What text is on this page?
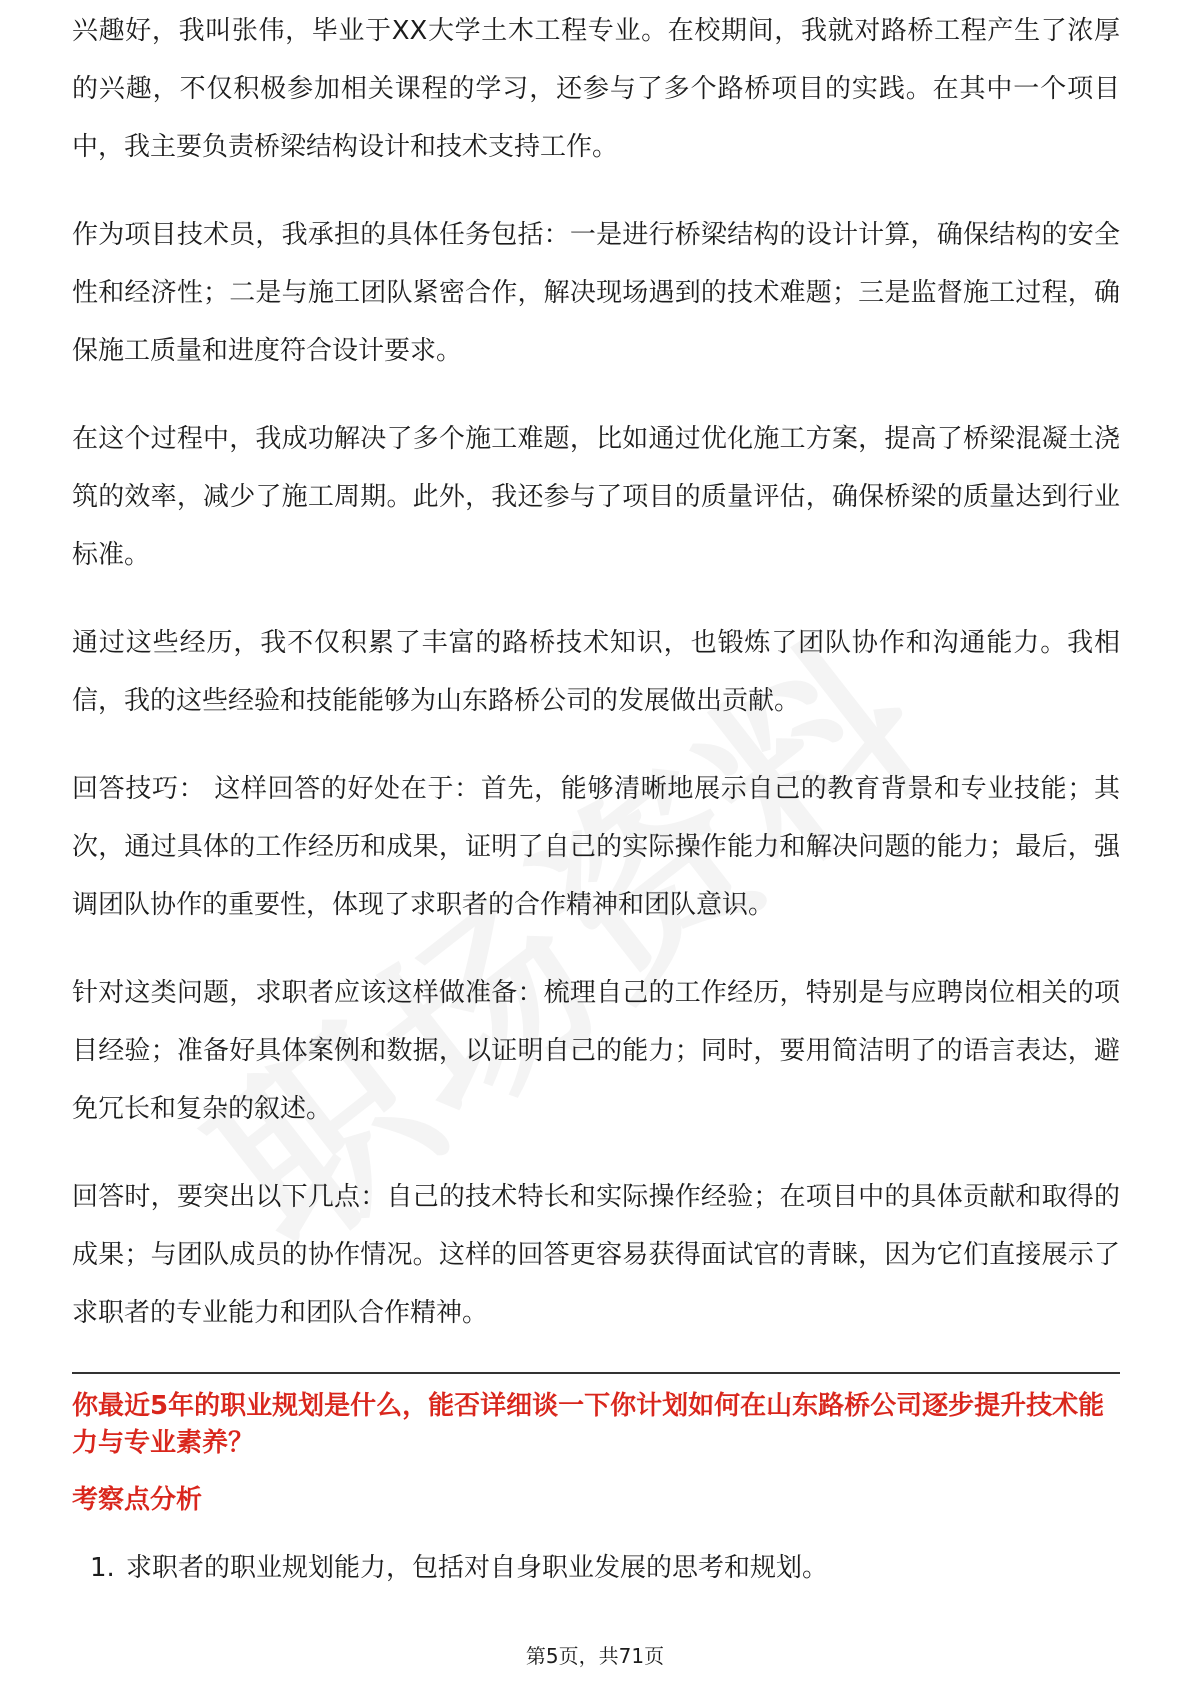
兴趣好，我叫张伟，毕业于XX大学土木工程专业。在校期间，我就对路桥工程产生了浓厚的兴趣，不仅积极参加相关课程的学习，还参与了多个路桥项目的实践。在其中一个项目中，我主要负责桥梁结构设计和技术支持工作。

作为项目技术员，我承担的具体任务包括：一是进行桥梁结构的设计计算，确保结构的安全性和经济性；二是与施工团队紧密合作，解决现场遇到的技术难题；三是监督施工过程，确保施工质量和进度符合设计要求。

在这个过程中，我成功解决了多个施工难题，比如通过优化施工方案，提高了桥梁混凝土浇筑的效率，减少了施工周期。此外，我还参与了项目的质量评估，确保桥梁的质量达到行业标准。

通过这些经历，我不仅积累了丰富的路桥技术知识，也锻炼了团队协作和沟通能力。我相信，我的这些经验和技能能够为山东路桥公司的发展做出贡献。

回答技巧： 这样回答的好处在于：首先，能够清晰地展示自己的教育背景和专业技能；其次，通过具体的工作经历和成果，证明了自己的实际操作能力和解决问题的能力；最后，强调团队协作的重要性，体现了求职者的合作精神和团队意识。

针对这类问题，求职者应该这样做准备：梳理自己的工作经历，特别是与应聘岗位相关的项目经验；准备好具体案例和数据，以证明自己的能力；同时，要用简洁明了的语言表达，避免冗长和复杂的叙述。

回答时，要突出以下几点：自己的技术特长和实际操作经验；在项目中的具体贡献和取得的成果；与团队成员的协作情况。这样的回答更容易获得面试官的青睐，因为它们直接展示了求职者的专业能力和团队合作精神。

你最近5年的职业规划是什么，能否详细谈一下你计划如何在山东路桥公司逐步提升技术能力与专业素养？
考察点分析
1. 求职者的职业规划能力，包括对自身职业发展的思考和规划。
第5页，共71页
